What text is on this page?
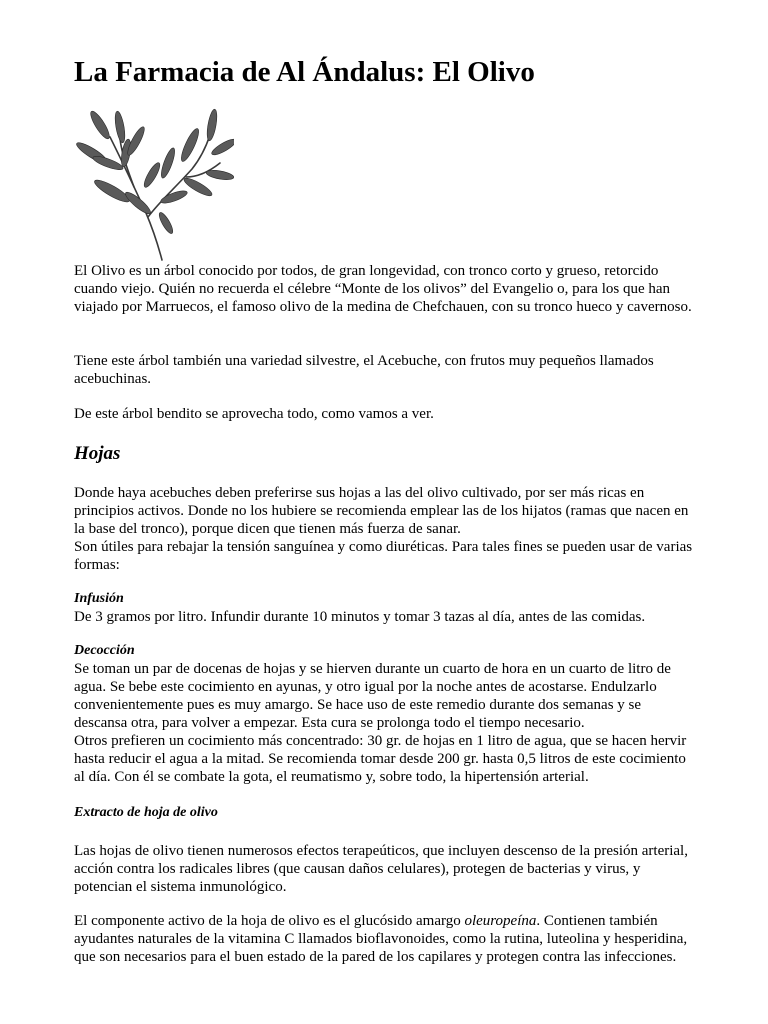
La Farmacia de Al Ándalus: El Olivo

El Olivo es un árbol conocido por todos, de gran longevidad, con tronco corto y grueso, retorcido cuando viejo. Quién no recuerda el célebre “Monte de los olivos” del Evangelio o, para los que han viajado por Marruecos, el famoso olivo de la medina de Chefchauen, con su tronco hueco y cavernoso.

Tiene este árbol también una variedad silvestre, el Acebuche, con frutos muy pequeños llamados acebuchinas.

De este árbol bendito se aprovecha todo, como vamos a ver.

Hojas

Donde haya acebuches deben preferirse sus hojas a las del olivo cultivado, por ser más ricas en principios activos. Donde no los hubiere se recomienda emplear las de los hijatos (ramas que nacen en la base del tronco), porque dicen que tienen más fuerza de sanar.

Son útiles para rebajar la tensión sanguínea y como diuréticas. Para tales fines se pueden usar de varias formas:

Infusión

De 3 gramos por litro. Infundir durante 10 minutos y tomar 3 tazas al día, antes de las comidas.

Decocción

Se toman un par de docenas de hojas y se hierven durante un cuarto de hora en un cuarto de litro de agua. Se bebe este cocimiento en ayunas, y otro igual por la noche antes de acostarse. Endulzarlo convenientemente pues es muy amargo. Se hace uso de este remedio durante dos semanas y se descansa otra, para volver a empezar. Esta cura se prolonga todo el tiempo necesario.

Otros prefieren un cocimiento más concentrado: 30 gr. de hojas en 1 litro de agua, que se hacen hervir hasta reducir el agua a la mitad. Se recomienda tomar desde 200 gr. hasta 0,5 litros de este cocimiento al día. Con él se combate la gota, el reumatismo y, sobre todo, la hipertensión arterial.

Extracto de hoja de olivo

Las hojas de olivo tienen numerosos efectos terapeúticos, que incluyen descenso de la presión arterial, acción contra los radicales libres (que causan daños celulares), protegen de bacterias y virus, y potencian el sistema inmunológico.

El componente activo de la hoja de olivo es el glucósido amargo oleuropeína. Contienen también ayudantes naturales de la vitamina C llamados bioflavonoides, como la rutina, luteolina y hesperidina, que son necesarios para el buen estado de la pared de los capilares y protegen contra las infecciones.
